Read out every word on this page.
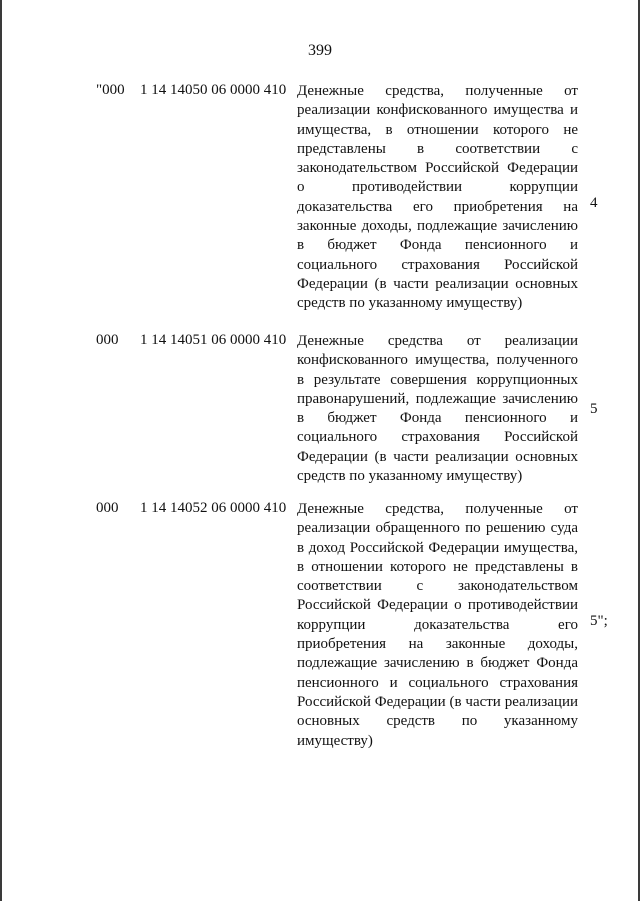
399
"000 1 14 14050 06 0000 410 Денежные средства, полученные от реализации конфискованного имущества и имущества, в отношении которого не представлены в соответствии с законодательством Российской Федерации о противодействии коррупции доказательства его приобретения на законные доходы, подлежащие зачислению в бюджет Фонда пенсионного и социального страхования Российской Федерации (в части реализации основных средств по указанному имуществу)
4
000 1 14 14051 06 0000 410 Денежные средства от реализации конфискованного имущества, полученного в результате совершения коррупционных правонарушений, подлежащие зачислению в бюджет Фонда пенсионного и социального страхования Российской Федерации (в части реализации основных средств по указанному имуществу)
5
000 1 14 14052 06 0000 410 Денежные средства, полученные от реализации обращенного по решению суда в доход Российской Федерации имущества, в отношении которого не представлены в соответствии с законодательством Российской Федерации о противодействии коррупции доказательства его приобретения на законные доходы, подлежащие зачислению в бюджет Фонда пенсионного и социального страхования Российской Федерации (в части реализации основных средств по указанному имуществу)
5";
